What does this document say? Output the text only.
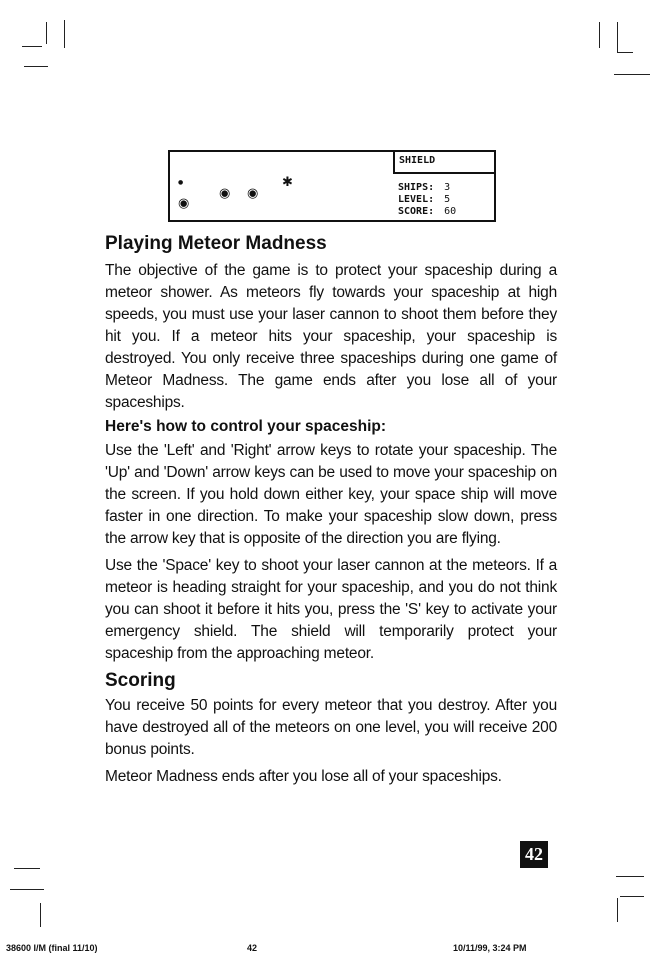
SHIELD
SHIPS: 3
LEVEL: 5
SCORE: 60
◉
◉ ◉
✱
●
Playing Meteor Madness

The objective of the game is to protect your spaceship during a meteor shower. As meteors fly towards your spaceship at high speeds, you must use your laser cannon to shoot them before they hit you. If a meteor hits your spaceship, your spaceship is destroyed. You only receive three spaceships during one game of Meteor Madness. The game ends after you lose all of your spaceships.

Here's how to control your spaceship:

Use the 'Left' and 'Right' arrow keys to rotate your spaceship. The 'Up' and 'Down' arrow keys can be used to move your spaceship on the screen. If you hold down either key, your space ship will move faster in one direction. To make your spaceship slow down, press the arrow key that is opposite of the direction you are flying.

Use the 'Space' key to shoot your laser cannon at the meteors. If a meteor is heading straight for your spaceship, and you do not think you can shoot it before it hits you, press the 'S' key to activate your emergency shield. The shield will temporarily protect your spaceship from the approaching meteor.

Scoring

You receive 50 points for every meteor that you destroy. After you have destroyed all of the meteors on one level, you will receive 200 bonus points.

Meteor Madness ends after you lose all of your spaceships.

42
38600 I/M (final 11/10)	42	10/11/99, 3:24 PM
